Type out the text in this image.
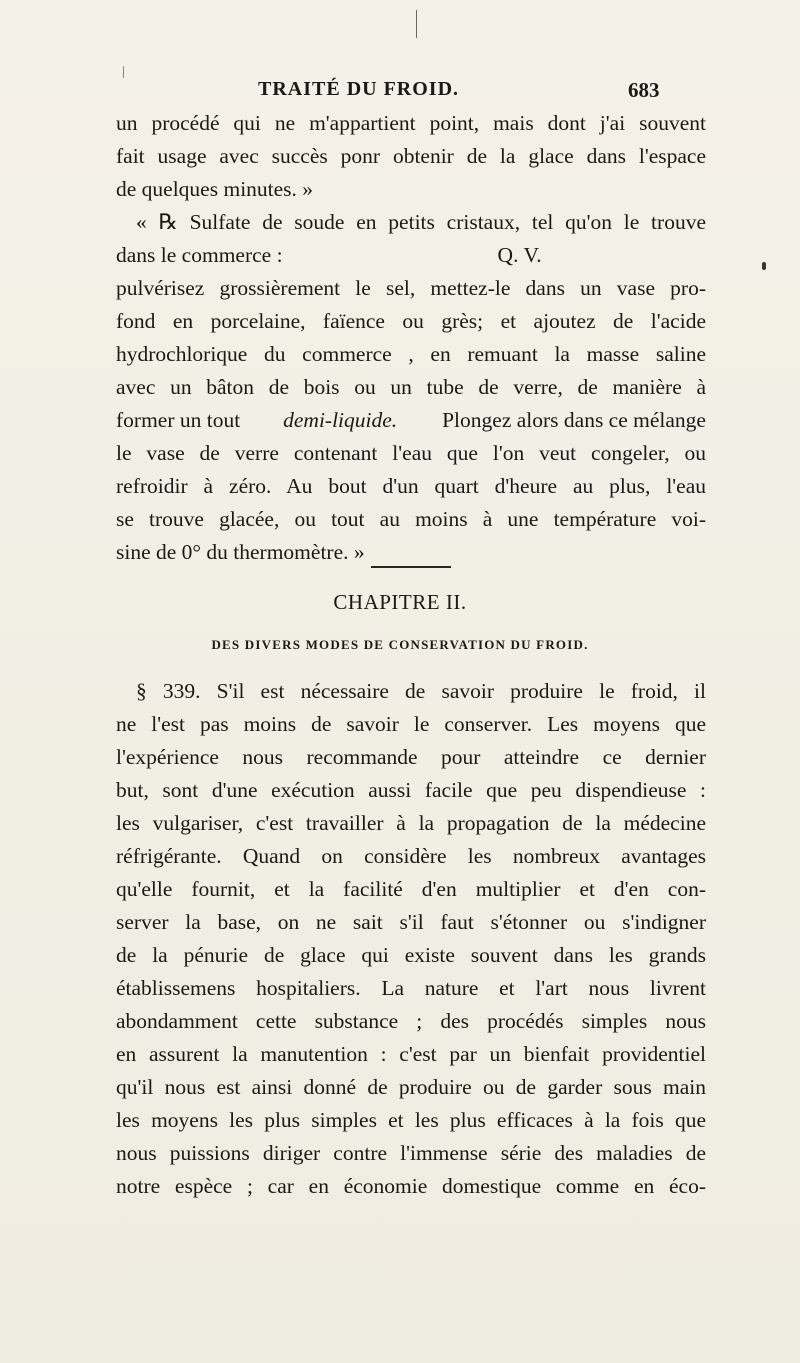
TRAITÉ DU FROID.	683
un procédé qui ne m'appartient point, mais dont j'ai souvent
fait usage avec succès ponr obtenir de la glace dans l'espace
de quelques minutes. »
« ℞ Sulfate de soude en petits cristaux, tel qu'on le trouve
dans le commerce :                                        Q. V.
pulvérisez grossièrement le sel, mettez-le dans un vase pro-
fond en porcelaine, faïence ou grès; et ajoutez de l'acide
hydrochlorique du commerce , en remuant la masse saline
avec un bâton de bois ou un tube de verre, de manière à
former un tout demi-liquide. Plongez alors dans ce mélange
le vase de verre contenant l'eau que l'on veut congeler, ou
refroidir à zéro. Au bout d'un quart d'heure au plus, l'eau
se trouve glacée, ou tout au moins à une température voi-
sine de 0° du thermomètre. »
CHAPITRE II.
DES DIVERS MODES DE CONSERVATION DU FROID.
§ 339. S'il est nécessaire de savoir produire le froid, il
ne l'est pas moins de savoir le conserver. Les moyens que
l'expérience nous recommande pour atteindre ce dernier
but, sont d'une exécution aussi facile que peu dispendieuse :
les vulgariser, c'est travailler à la propagation de la médecine
réfrigérante. Quand on considère les nombreux avantages
qu'elle fournit, et la facilité d'en multiplier et d'en con-
server la base, on ne sait s'il faut s'étonner ou s'indigner
de la pénurie de glace qui existe souvent dans les grands
établissemens hospitaliers. La nature et l'art nous livrent
abondamment cette substance ; des procédés simples nous
en assurent la manutention : c'est par un bienfait providentiel
qu'il nous est ainsi donné de produire ou de garder sous main
les moyens les plus simples et les plus efficaces à la fois que
nous puissions diriger contre l'immense série des maladies de
notre espèce ; car en économie domestique comme en éco-
